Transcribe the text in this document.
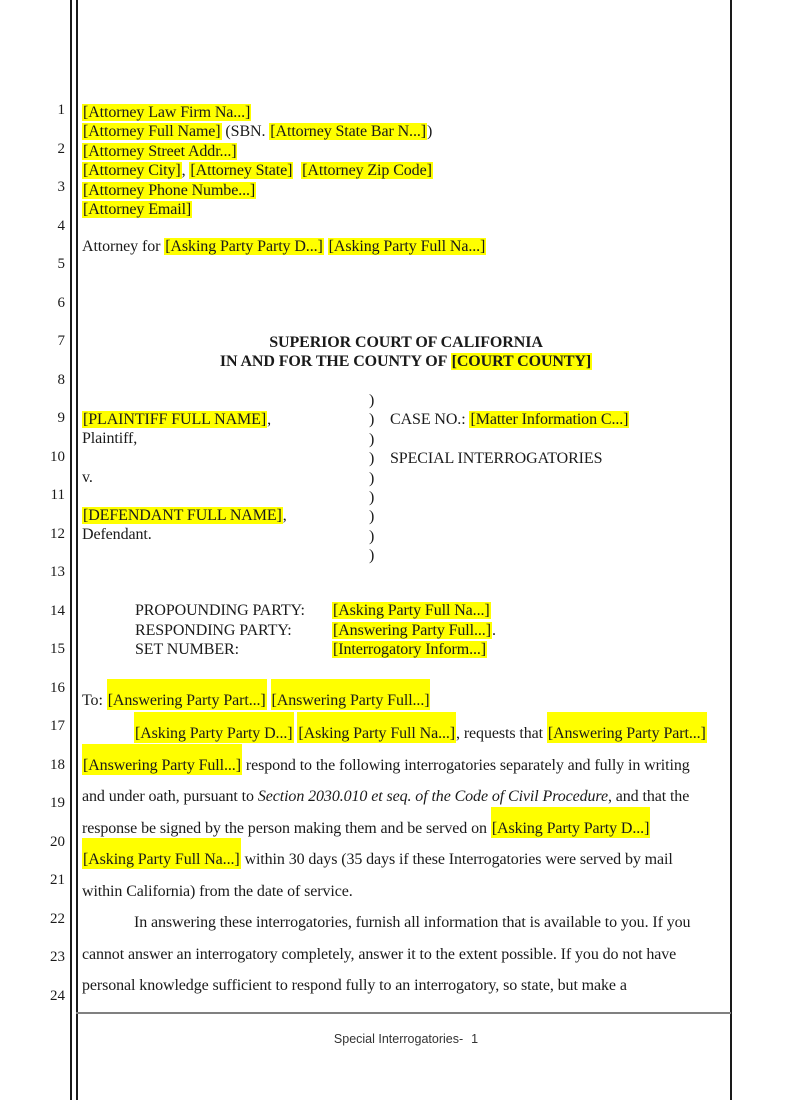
1
2
3
4
5
6
7
8
9
10
11
12
13
14
15
16
17
18
19
20
21
22
23
24
[Attorney Law Firm Na...]
[Attorney Full Name] (SBN. [Attorney State Bar N...])
[Attorney Street Addr...]
[Attorney City], [Attorney State] [Attorney Zip Code]
[Attorney Phone Numbe...]
[Attorney Email]
Attorney for [Asking Party Party D...] [Asking Party Full Na...]
SUPERIOR COURT OF CALIFORNIA
IN AND FOR THE COUNTY OF [COURT COUNTY]
)
)
)
)
)
)
)
)
)
[PLAINTIFF FULL NAME],
Plaintiff,
v.
[DEFENDANT FULL NAME],
Defendant.
CASE NO.: [Matter Information C...]
SPECIAL INTERROGATORIES
PROPOUNDING PARTY: [Asking Party Full Na...]
RESPONDING PARTY:	[Answering Party Full...].
SET NUMBER:	[Interrogatory Inform...]
To: [Answering Party Part...] [Answering Party Full...]
[Asking Party Party D...] [Asking Party Full Na...], requests that [Answering Party Part...]
[Answering Party Full...] respond to the following interrogatories separately and fully in writing
and under oath, pursuant to Section 2030.010 et seq. of the Code of Civil Procedure, and that the
response be signed by the person making them and be served on [Asking Party Party D...]
[Asking Party Full Na...] within 30 days (35 days if these Interrogatories were served by mail
within California) from the date of service.
In answering these interrogatories, furnish all information that is available to you. If you
cannot answer an interrogatory completely, answer it to the extent possible. If you do not have
personal knowledge sufficient to respond fully to an interrogatory, so state, but make a
Special Interrogatories- 1
